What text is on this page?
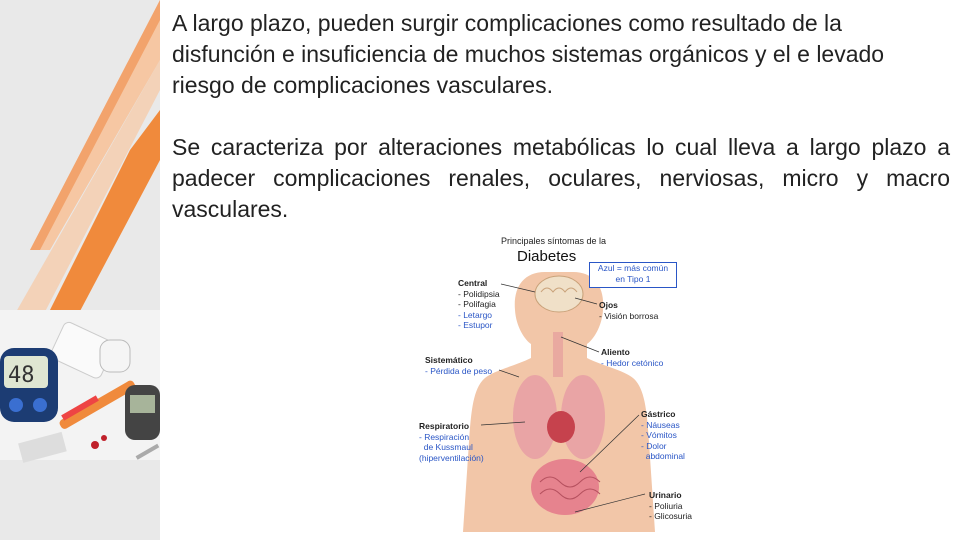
48

A largo plazo, pueden surgir complicaciones como resultado de la disfunción e insuficiencia de muchos sistemas orgánicos y el e levado riesgo de complicaciones vasculares.

Se caracteriza por alteraciones metabólicas lo cual lleva a largo plazo a padecer complicaciones renales, oculares, nerviosas, micro y macro vasculares.

Principales síntomas de la
Diabetes
Azul = más común
en Tipo 1
Central
- Polidipsia
- Polifagia
- Letargo
- Estupor
Sistemático
- Pérdida de peso
Respiratorio
- Respiración
de Kussmaul
(hiperventilación)
Ojos
- Visión borrosa
Aliento
- Hedor cetónico
Gástrico
- Náuseas
- Vómitos
- Dolor
abdominal
Urinario
- Poliuria
- Glicosuria
